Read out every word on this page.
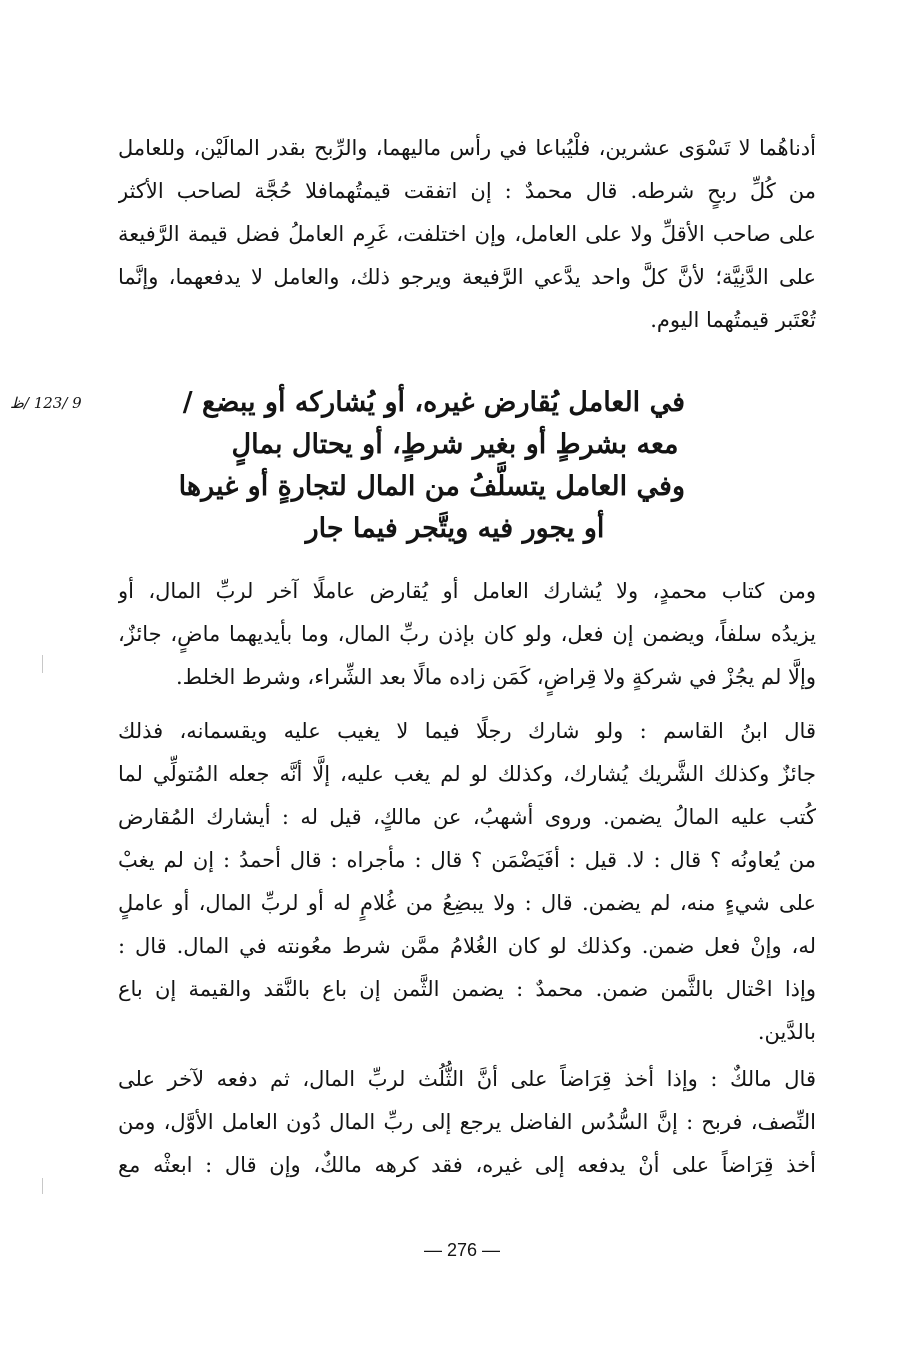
أدناهُما لا تَسْوَى عشرين، فلْيُباعا في رأس ماليهما، والرِّبح بقدر المالَيْن، وللعامل
من كُلِّ ربحٍ شرطه. قال محمدٌ : إن اتفقت قيمتُهمافلا حُجَّة لصاحب الأكثر
على صاحب الأقلِّ ولا على العامل، وإن اختلفت، غَرِم العاملُ فضل قيمة الرَّفيعة
على الدَّنِيَّة؛ لأنَّ كلَّ واحد يدَّعي الرَّفيعة ويرجو ذلك، والعامل لا يدفعهما، وإنَّما
تُعْتَبر قيمتُهما اليوم.
9 /123 /ظ	في العامل يُقارض غيره، أو يُشاركه أو يبضع /
معه بشرطٍ أو بغير شرطٍ، أو يحتال بمالٍ
وفي العامل يتسلَّفُ من المال لتجارةٍ أو غيرها
أو يجور فيه ويتَّجر فيما جار
ومن كتاب محمدٍ، ولا يُشارك العامل أو يُقارض عاملًا آخر لربِّ المال، أو
يزيدُه سلفاً، ويضمن إن فعل، ولو كان بإذن ربِّ المال، وما بأيديهما ماضٍ، جائزٌ،
وإلَّا لم يجُزْ في شركةٍ ولا قِراضٍ، كَمَن زاده مالًا بعد الشِّراء، وشرط الخلط.
قال ابنُ القاسم : ولو شارك رجلًا فيما لا يغيب عليه ويقسمانه، فذلك
جائزٌ وكذلك الشَّريك يُشارك، وكذلك لو لم يغب عليه، إلَّا أنَّه جعله المُتولِّي لما
كُتب عليه المالُ يضمن. وروى أشهبُ، عن مالكٍ، قيل له : أيشارك المُقارض
من يُعاونُه ؟ قال : لا. قيل : أفَيَضْمَن ؟ قال : مأجراه : قال أحمدُ : إن لم يغبْ
على شيءٍ منه، لم يضمن. قال : ولا يبضِعُ من غُلامٍ له أو لربِّ المال، أو عاملٍ
له، وإنْ فعل ضمن. وكذلك لو كان الغُلامُ ممَّن شرط معُونته في المال. قال :
وإذا احْتال بالثَّمن ضمن. محمدٌ : يضمن الثَّمن إن باع بالنَّقد والقيمة إن باع
بالدَّين.
قال مالكٌ : وإذا أخذ قِرَاضاً على أنَّ الثُّلُث لربِّ المال، ثم دفعه لآخر على
النِّصف، فربح : إنَّ السُّدُس الفاضل يرجع إلى ربِّ المال دُون العامل الأوَّل، ومن
أخذ قِرَاضاً على أنْ يدفعه إلى غيره، فقد كرهه مالكٌ، وإن قال : ابعثْه مع
— 276 —
